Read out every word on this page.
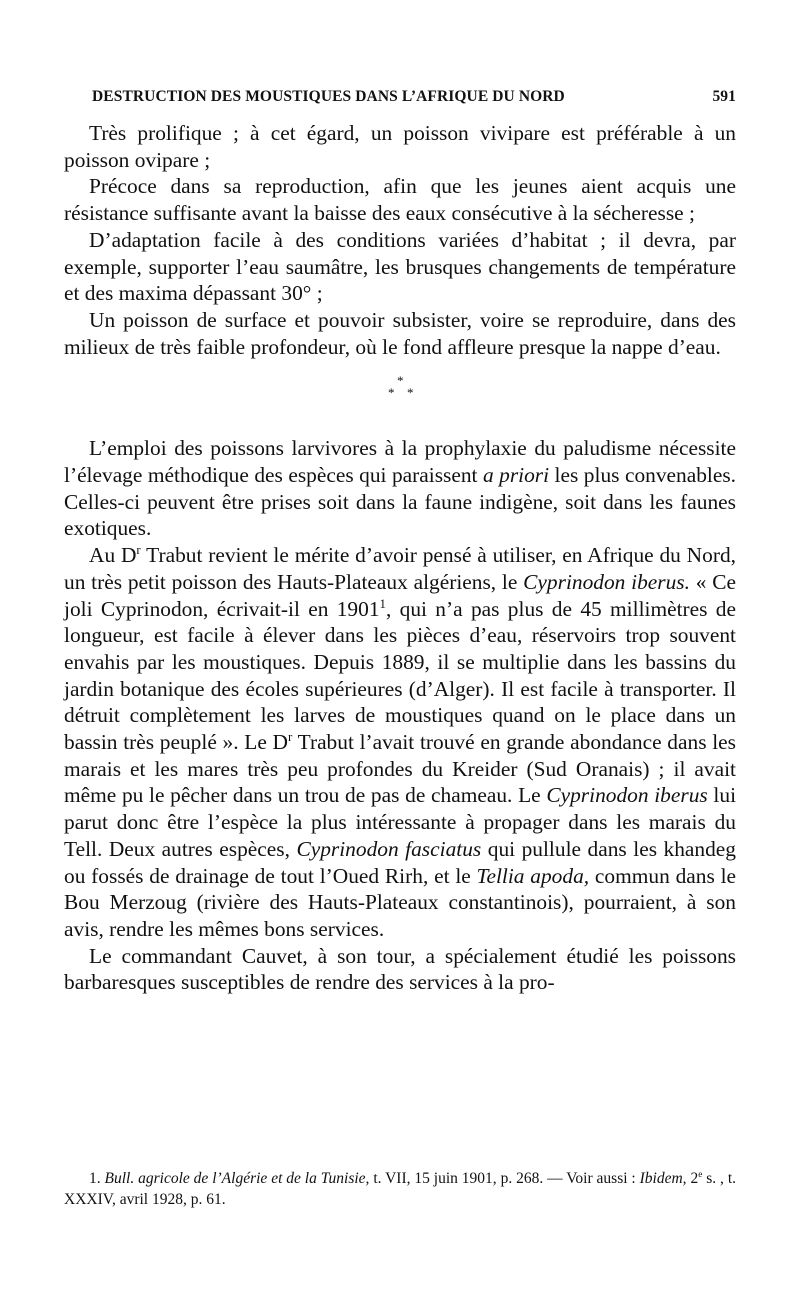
DESTRUCTION DES MOUSTIQUES DANS L’AFRIQUE DU NORD	591

Très prolifique ; à cet égard, un poisson vivipare est préférable à un poisson ovipare ;

Précoce dans sa reproduction, afin que les jeunes aient acquis une résistance suffisante avant la baisse des eaux consécutive à la sécheresse ;

D’adaptation facile à des conditions variées d’habitat ; il devra, par exemple, supporter l’eau saumâtre, les brusques changements de température et des maxima dépassant 30° ;

Un poisson de surface et pouvoir subsister, voire se reproduire, dans des milieux de très faible profondeur, où le fond affleure presque la nappe d’eau.

*
* *

L’emploi des poissons larvivores à la prophylaxie du paludisme nécessite l’élevage méthodique des espèces qui paraissent a priori les plus convenables. Celles-ci peuvent être prises soit dans la faune indigène, soit dans les faunes exotiques.

Au $D^r$ Trabut revient le mérite d’avoir pensé à utiliser, en Afrique du Nord, un très petit poisson des Hauts-Plateaux algériens, le Cyprinodon iberus. « Ce joli Cyprinodon, écrivait-il en 1901$^1$, qui n’a pas plus de 45 millimètres de longueur, est facile à élever dans les pièces d’eau, réservoirs trop souvent envahis par les moustiques. Depuis 1889, il se multiplie dans les bassins du jardin botanique des écoles supérieures (d’Alger). Il est facile à transporter. Il détruit complètement les larves de moustiques quand on le place dans un bassin très peuplé ». Le $D^r$ Trabut l’avait trouvé en grande abondance dans les marais et les mares très peu profondes du Kreider (Sud Oranais) ; il avait même pu le pêcher dans un trou de pas de chameau. Le Cyprinodon iberus lui parut donc être l’espèce la plus intéressante à propager dans les marais du Tell. Deux autres espèces, Cyprinodon fasciatus qui pullule dans les khandeg ou fossés de drainage de tout l’Oued Rirh, et le Tellia apoda, commun dans le Bou Merzoug (rivière des Hauts-Plateaux constantinois), pourraient, à son avis, rendre les mêmes bons services.

Le commandant Cauvet, à son tour, a spécialement étudié les poissons barbaresques susceptibles de rendre des services à la pro-

1. Bull. agricole de l’Algérie et de la Tunisie, t. VII, 15 juin 1901, p. 268. — Voir aussi : Ibidem, 2e s. , t. XXXIV, avril 1928, p. 61.
